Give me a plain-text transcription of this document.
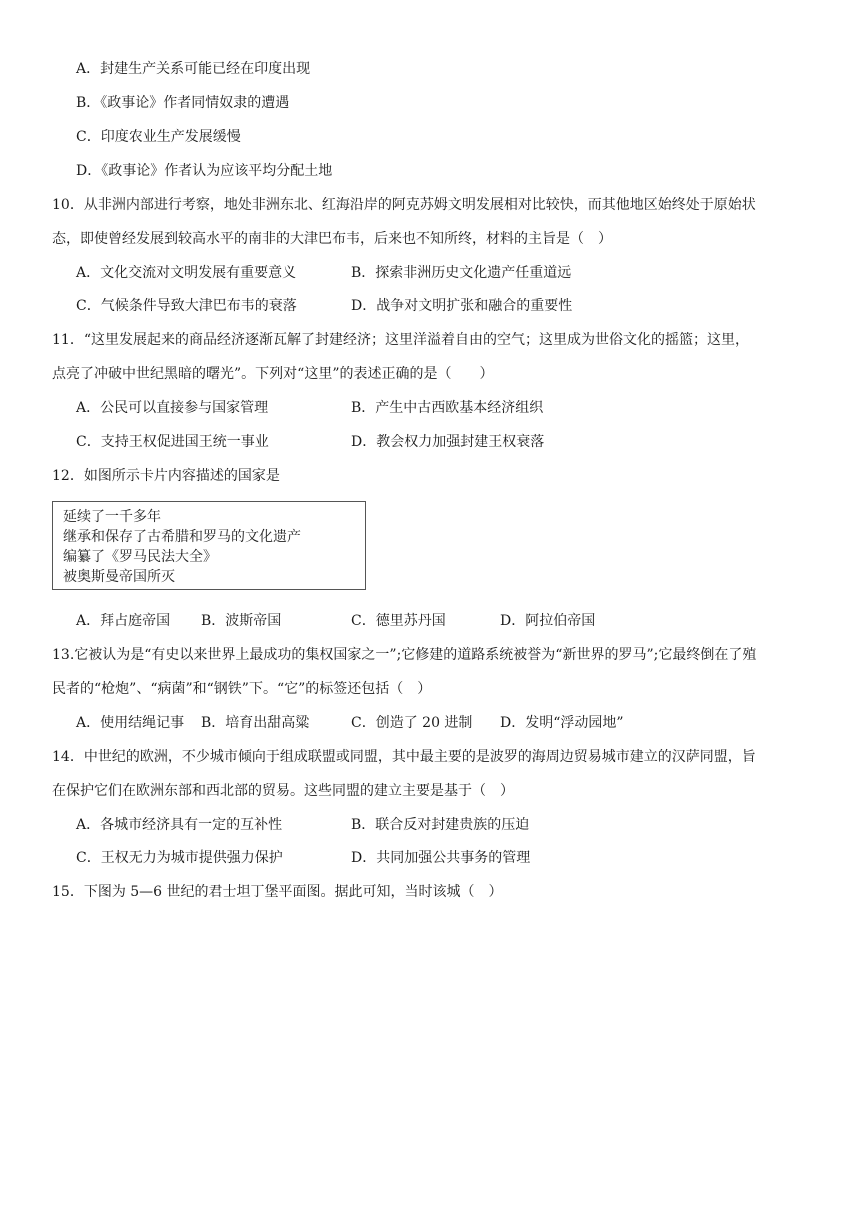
A．封建生产关系可能已经在印度出现
B．《政事论》作者同情奴隶的遭遇
C．印度农业生产发展缓慢
D．《政事论》作者认为应该平均分配土地
10．从非洲内部进行考察，地处非洲东北、红海沿岸的阿克苏姆文明发展相对比较快，而其他地区始终处于原始状
态，即使曾经发展到较高水平的南非的大津巴布韦，后来也不知所终，材料的主旨是（　）
A．文化交流对文明发展有重要意义	B．探索非洲历史文化遗产任重道远
C．气候条件导致大津巴布韦的衰落	D．战争对文明扩张和融合的重要性
11．“这里发展起来的商品经济逐渐瓦解了封建经济；这里洋溢着自由的空气；这里成为世俗文化的摇篮；这里，
点亮了冲破中世纪黑暗的曙光”。下列对“这里”的表述正确的是（　　）
A．公民可以直接参与国家管理	B．产生中古西欧基本经济组织
C．支持王权促进国王统一事业	D．教会权力加强封建王权衰落
12．如图所示卡片内容描述的国家是
延续了一千多年
继承和保存了古希腊和罗马的文化遗产
编纂了《罗马民法大全》
被奥斯曼帝国所灭
A．拜占庭帝国 B．波斯帝国	C．德里苏丹国	D．阿拉伯帝国
13.它被认为是“有史以来世界上最成功的集权国家之一”;它修建的道路系统被誉为“新世界的罗马”;它最终倒在了殖
民者的“枪炮”、“病菌”和“钢铁”下。“它”的标签还包括（　）
A．使用结绳记事 B．培育出甜高粱	C．创造了 20 进制 D．发明“浮动园地”
14．中世纪的欧洲，不少城市倾向于组成联盟或同盟，其中最主要的是波罗的海周边贸易城市建立的汉萨同盟，旨
在保护它们在欧洲东部和西北部的贸易。这些同盟的建立主要是基于（　）
A．各城市经济具有一定的互补性	B．联合反对封建贵族的压迫
C．王权无力为城市提供强力保护	D．共同加强公共事务的管理
15．下图为 5—6 世纪的君士坦丁堡平面图。据此可知，当时该城（　）
